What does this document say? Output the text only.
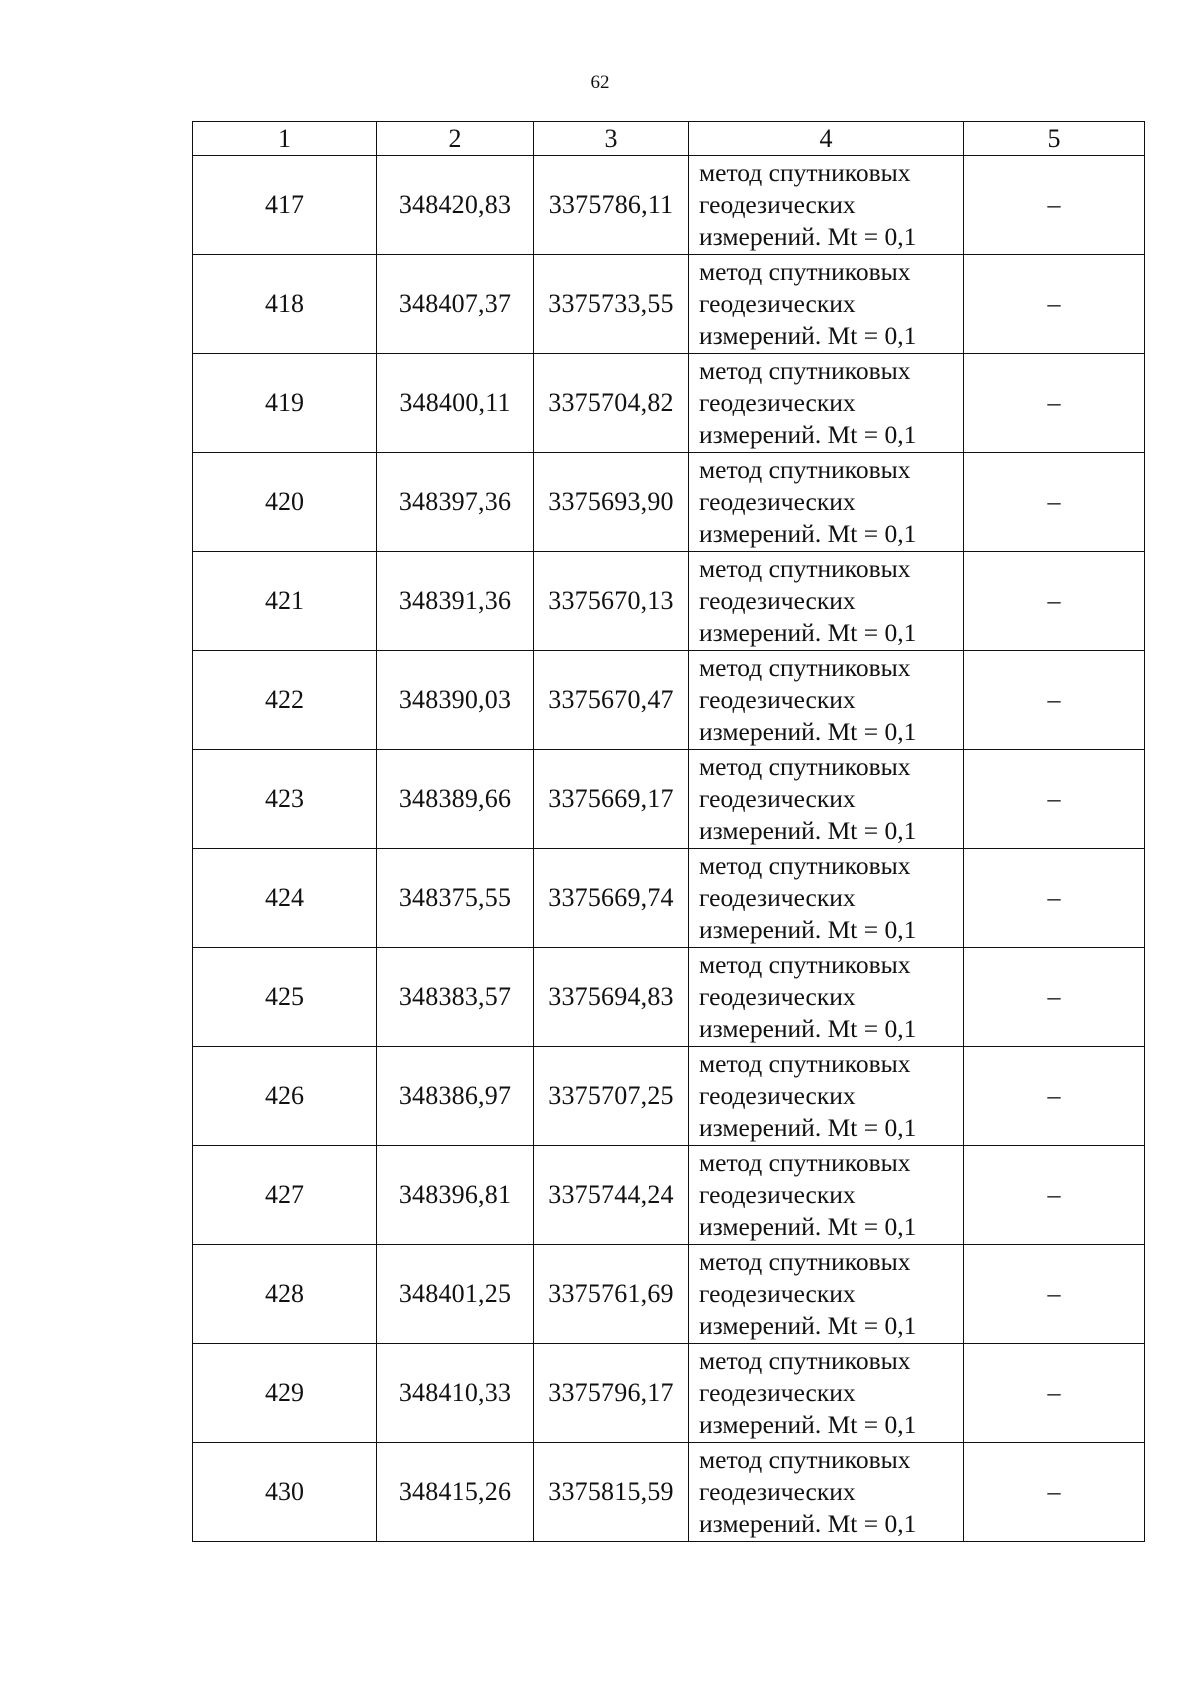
62
1	2	3	4	5
417	348420,83	3375786,11	метод спутниковых
геодезических
измерений. Mt = 0,1	–
418	348407,37	3375733,55	метод спутниковых
геодезических
измерений. Mt = 0,1	–
419	348400,11	3375704,82	метод спутниковых
геодезических
измерений. Mt = 0,1	–
420	348397,36	3375693,90	метод спутниковых
геодезических
измерений. Mt = 0,1	–
421	348391,36	3375670,13	метод спутниковых
геодезических
измерений. Mt = 0,1	–
422	348390,03	3375670,47	метод спутниковых
геодезических
измерений. Mt = 0,1	–
423	348389,66	3375669,17	метод спутниковых
геодезических
измерений. Mt = 0,1	–
424	348375,55	3375669,74	метод спутниковых
геодезических
измерений. Mt = 0,1	–
425	348383,57	3375694,83	метод спутниковых
геодезических
измерений. Mt = 0,1	–
426	348386,97	3375707,25	метод спутниковых
геодезических
измерений. Mt = 0,1	–
427	348396,81	3375744,24	метод спутниковых
геодезических
измерений. Mt = 0,1	–
428	348401,25	3375761,69	метод спутниковых
геодезических
измерений. Mt = 0,1	–
429	348410,33	3375796,17	метод спутниковых
геодезических
измерений. Mt = 0,1	–
430	348415,26	3375815,59	метод спутниковых
геодезических
измерений. Mt = 0,1	–
